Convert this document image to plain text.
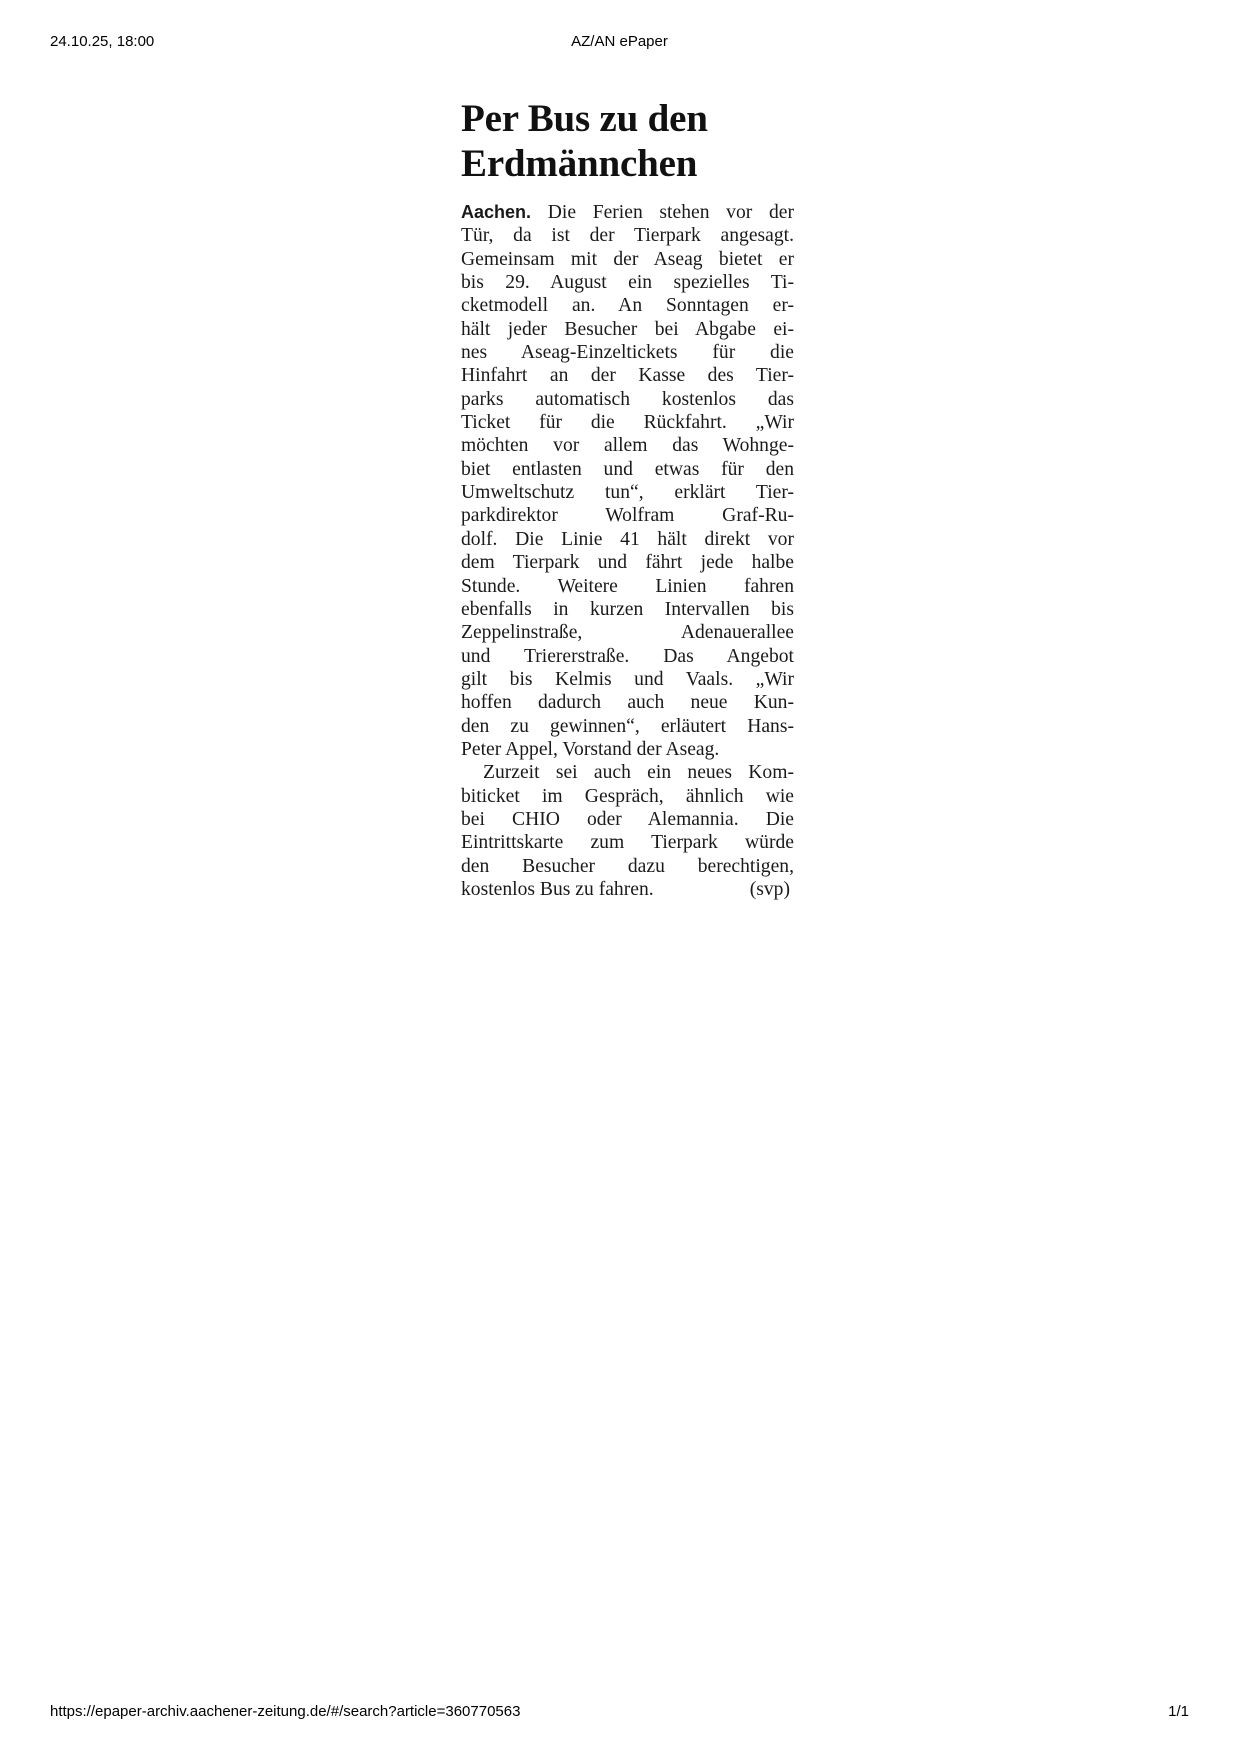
24.10.25, 18:00	AZ/AN ePaper
Per Bus zu den
Erdmännchen
Aachen. Die Ferien stehen vor der
Tür, da ist der Tierpark angesagt.
Gemeinsam mit der Aseag bietet er
bis 29. August ein spezielles Ti-
cketmodell an. An Sonntagen er-
hält jeder Besucher bei Abgabe ei-
nes Aseag-Einzeltickets für die
Hinfahrt an der Kasse des Tier-
parks automatisch kostenlos das
Ticket für die Rückfahrt. „Wir
möchten vor allem das Wohnge-
biet entlasten und etwas für den
Umweltschutz tun“, erklärt Tier-
parkdirektor Wolfram Graf-Ru-
dolf. Die Linie 41 hält direkt vor
dem Tierpark und fährt jede halbe
Stunde. Weitere Linien fahren
ebenfalls in kurzen Intervallen bis
Zeppelinstraße, Adenauerallee
und Triererstraße. Das Angebot
gilt bis Kelmis und Vaals. „Wir
hoffen dadurch auch neue Kun-
den zu gewinnen“, erläutert Hans-
Peter Appel, Vorstand der Aseag.
Zurzeit sei auch ein neues Kom-
biticket im Gespräch, ähnlich wie
bei CHIO oder Alemannia. Die
Eintrittskarte zum Tierpark würde
den Besucher dazu berechtigen,
kostenlos Bus zu fahren.	(svp)
https://epaper-archiv.aachener-zeitung.de/#/search?article=360770563	1/1
